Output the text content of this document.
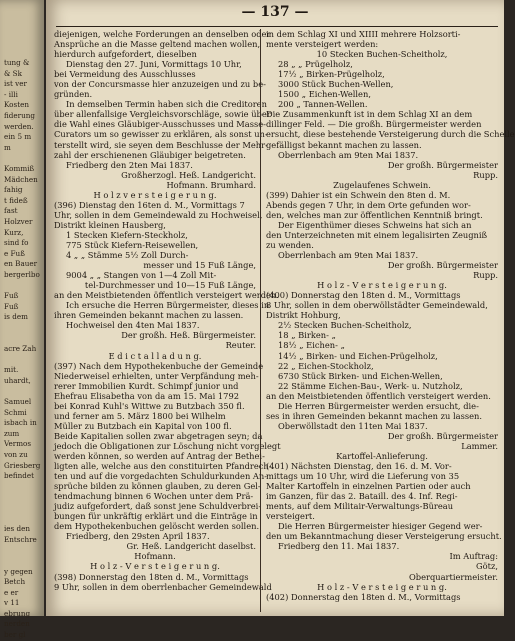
tung &
& Sk
ist ver
- illi
Kosten
fiderung
werden.
ein 5 m
m

Kommiß
Mädchen
fahig
t fideß
fast
Holzver
Kurz,
sind fo
e Fuß
en Bauer
bergerlbo

Fuß
Fuß
is dem

acre Zah

mit.
uhardt,

Samuel
Schmi
isbach in
zum
Vermos
von zu
Griesberg
befindet

ies den
Entschre

y gegen
Betch
e er
v 11
ebrung
nerden
ber gl
— 137 —

diejenigen, welche Forderungen an denselben oder

Ansprüche an die Masse geltend machen wollen,

hierdurch aufgefordert, dieselben

Dienstag den 27. Juni, Vormittags 10 Uhr,

bei Vermeidung des Ausschlusses

von der Concursmasse hier anzuzeigen und zu be-

gründen.

In demselben Termin haben sich die Creditoren

über allenfallsige Vergleichsvorschläge, sowie über

die Wahl eines Gläubiger-Ausschusses und Masse-

Curators um so gewisser zu erklären, als sonst un-

terstellt wird, sie seyen dem Beschlusse der Mehr-

zahl der erschienenen Gläubiger beigetreten.

Friedberg den 2ten Mai 1837.

Großherzogl. Heß. Landgericht.

Hofmann. Brumhard.

H o l z v e r s t e i g e r u n g.

(396) Dienstag den 16ten d. M., Vormittags 7

Uhr, sollen in dem Gemeindewald zu Hochweisel,

Distrikt kleinen Hausberg,

1 Stecken Kiefern-Steckholz,

775 Stück Kiefern-Reisewellen,

4 „ „ Stämme 5½ Zoll Durch-

messer und 15 Fuß Länge,

9004 „ „ Stangen von 1—4 Zoll Mit-

tel-Durchmesser und 10—15 Fuß Länge,

an den Meistbietenden öffentlich versteigert werden.

Ich ersuche die Herren Bürgermeister, dieses in

ihren Gemeinden bekannt machen zu lassen.

Hochweisel den 4ten Mai 1837.

Der großh. Heß. Bürgermeister.

Reuter.

E d i c t a l l a d u n g.

(397) Nach dem Hypothekenbuche der Gemeinde

Niederweisel erhielten, unter Verpfändung meh-

rerer Immobilien Kurdt. Schimpf junior und

Ehefrau Elisabetha von da am 15. Mai 1792

bei Konrad Kuhl's Wittwe zu Butzbach 350 fl.

und ferner am 5. März 1800 bei Wilhelm

Müller zu Butzbach ein Kapital von 100 fl.

Beide Kapitalien sollen zwar abgetragen seyn; da

jedoch die Obligationen zur Löschung nicht vorgelegt

werden können, so werden auf Antrag der Bethei-

ligten alle, welche aus den constituirten Pfandrech-

ten und auf die vorgedachten Schuldurkunden An-

sprüche bilden zu können glauben, zu deren Gel-

tendmachung binnen 6 Wochen unter dem Prä-

judiz aufgefordert, daß sonst jene Schuldverbrei-

bungen für unkräftig erklärt und die Einträge in

dem Hypothekenbuchen gelöscht werden sollen.

Friedberg, den 29sten April 1837.

Gr. Heß. Landgericht daselbst.

Hofmann.

H o l z - V e r s t e i g e r u n g.

(398) Donnerstag den 18ten d. M., Vormittags

9 Uhr, sollen in dem oberrlenbacher Gemeindewald

in dem Schlag XI und XIIII mehrere Holzsorti-

mente versteigert werden:

10 Stecken Buchen-Scheitholz,

28 „ „ Prügelholz,

17½ „ Birken-Prügelholz,

3000 Stück Buchen-Wellen,

1500 „ Eichen-Wellen,

200 „ Tannen-Wellen.

Die Zusammenkunft ist in dem Schlag XI an dem

dillinger Feld. — Die großh. Bürgermeister werden

ersucht, diese bestehende Versteigerung durch die Schelle

gefälligst bekannt machen zu lassen.

Oberrlenbach am 9ten Mai 1837.

Der großh. Bürgermeister

Rupp.

Zugelaufenes Schwein.

(399) Dahier ist ein Schwein den 8ten d. M.

Abends gegen 7 Uhr, in dem Orte gefunden wor-

den, welches man zur öffentlichen Kenntniß bringt.

Der Eigenthümer dieses Schweins hat sich an

den Unterzeichneten mit einem legalisirten Zeugniß

zu wenden.

Oberrlenbach am 9ten Mai 1837.

Der großh. Bürgermeister

Rupp.

H o l z - V e r s t e i g e r u n g.

(400) Donnerstag den 18ten d. M., Vormittags

8 Uhr, sollen in dem oberwöllstädter Gemeindewald,

Distrikt Hohburg,

2½ Stecken Buchen-Scheitholz,

18 „ Birken- „

18½ „ Eichen- „

14½ „ Birken- und Eichen-Prügelholz,

22 „ Eichen-Stockholz,

6730 Stück Birken- und Eichen-Wellen,

22 Stämme Eichen-Bau-, Werk- u. Nutzholz,

an den Meistbietenden öffentlich versteigert werden.

Die Herren Bürgermeister werden ersucht, die-

ses in ihren Gemeinden bekannt machen zu lassen.

Oberwöllstadt den 11ten Mai 1837.

Der großh. Bürgermeister

Lammer.

Kartoffel-Anlieferung.

(401) Nächsten Dienstag, den 16. d. M. Vor-

mittags um 10 Uhr, wird die Lieferung von 35

Malter Kartoffeln in einzelnen Partien oder auch

im Ganzen, für das 2. Bataill. des 4. Inf. Regi-

ments, auf dem Militair-Verwaltungs-Büreau

versteigert.

Die Herren Bürgermeister hiesiger Gegend wer-

den um Bekanntmachung dieser Versteigerung ersucht.

Friedberg den 11. Mai 1837.

Im Auftrag:

Götz,

Oberquartiermeister.

H o l z - V e r s t e i g e r u n g.

(402) Donnerstag den 18ten d. M., Vormittags
